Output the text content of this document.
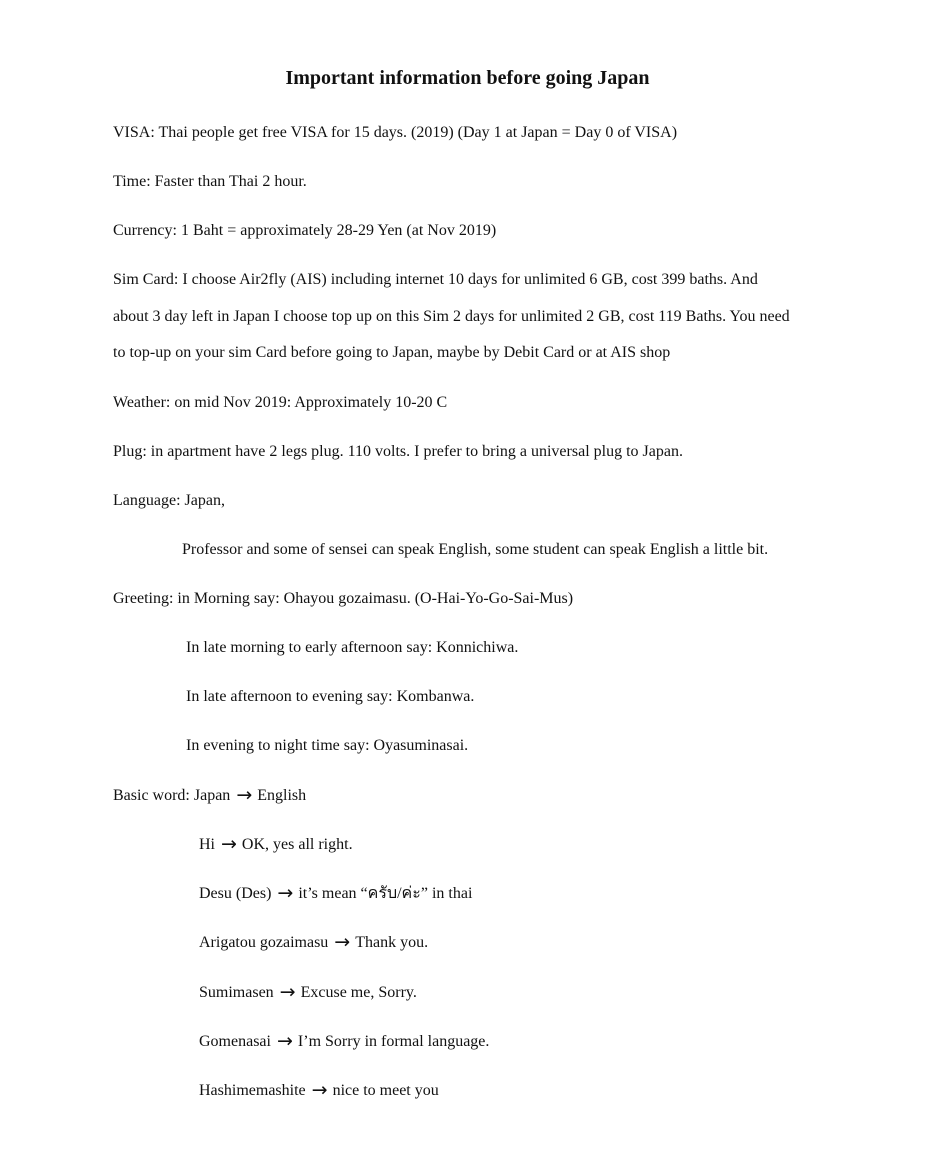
Important information before going Japan
VISA: Thai people get free VISA for 15 days. (2019) (Day 1 at Japan = Day 0 of VISA)
Time: Faster than Thai 2 hour.
Currency: 1 Baht = approximately 28-29 Yen (at Nov 2019)
Sim Card: I choose Air2fly (AIS) including internet 10 days for unlimited 6 GB, cost 399 baths. And
about 3 day left in Japan I choose top up on this Sim 2 days for unlimited 2 GB, cost 119 Baths. You need
to top-up on your sim Card before going to Japan, maybe by Debit Card or at AIS shop
Weather: on mid Nov 2019: Approximately 10-20 C
Plug: in apartment have 2 legs plug. 110 volts. I prefer to bring a universal plug to Japan.
Language: Japan,
Professor and some of sensei can speak English, some student can speak English a little bit.
Greeting: in Morning say: Ohayou gozaimasu. (O-Hai-Yo-Go-Sai-Mus)
In late morning to early afternoon say: Konnichiwa.
In late afternoon to evening say: Kombanwa.
In evening to night time say: Oyasuminasai.
Basic word: Japan → English
Hi → OK, yes all right.
Desu (Des) → it’s mean “ครับ/ค่ะ” in thai
Arigatou gozaimasu → Thank you.
Sumimasen → Excuse me, Sorry.
Gomenasai → I’m Sorry in formal language.
Hashimemashite → nice to meet you
